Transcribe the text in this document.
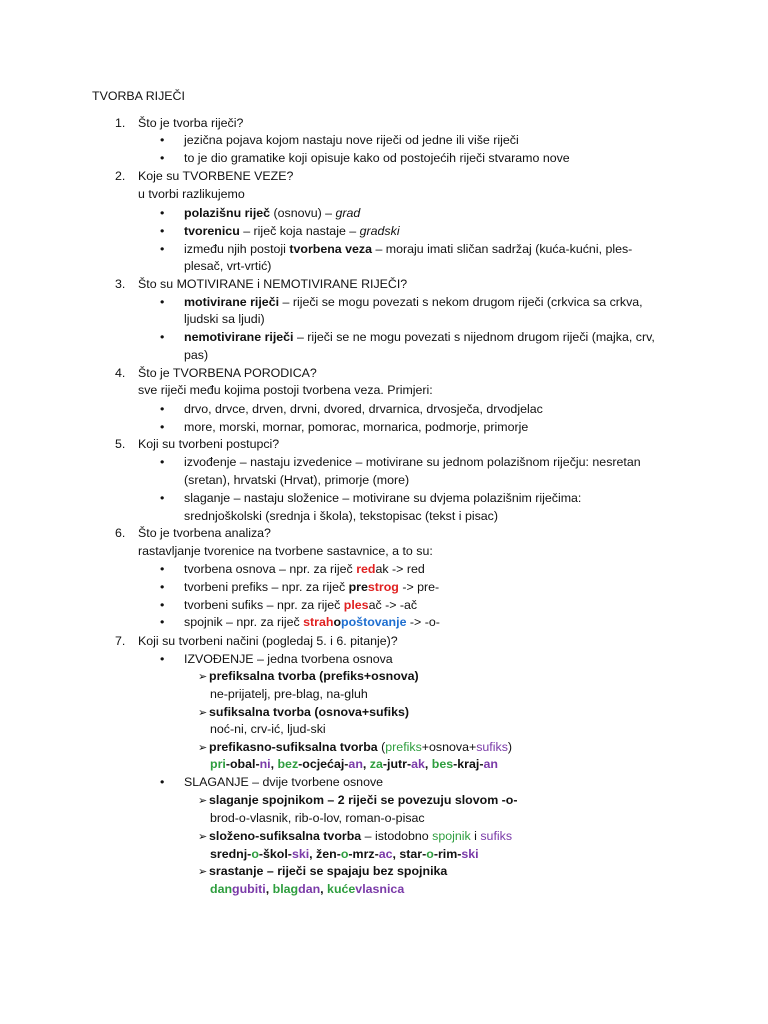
TVORBA RIJEČI
1. Što je tvorba riječi?
• jezična pojava kojom nastaju nove riječi od jedne ili više riječi
• to je dio gramatike koji opisuje kako od postojećih riječi stvaramo nove
2. Koje su TVORBENE VEZE?
u tvorbi razlikujemo
• polazišnu riječ (osnovu) – grad
• tvorenicu – riječ koja nastaje – gradski
• između njih postoji tvorbena veza – moraju imati sličan sadržaj (kuća-kućni, ples-
plesač, vrt-vrtić)
3. Što su MOTIVIRANE i NEMOTIVIRANE RIJEČI?
• motivirane riječi – riječi se mogu povezati s nekom drugom riječi (crkvica sa crkva,
ljudski sa ljudi)
• nemotivirane riječi – riječi se ne mogu povezati s nijednom drugom riječi (majka, crv,
pas)
4. Što je TVORBENA PORODICA?
sve riječi među kojima postoji tvorbena veza. Primjeri:
• drvo, drvce, drven, drvni, dvored, drvarnica, drvosječa, drvodjelac
• more, morski, mornar, pomorac, mornarica, podmorje, primorje
5. Koji su tvorbeni postupci?
• izvođenje – nastaju izvedenice – motivirane su jednom polazišnom riječju: nesretan
(sretan), hrvatski (Hrvat), primorje (more)
• slaganje – nastaju složenice – motivirane su dvjema polazišnim riječima:
srednjoškolski (srednja i škola), tekstopisac (tekst i pisac)
6. Što je tvorbena analiza?
rastavljanje tvorenice na tvorbene sastavnice, a to su:
• tvorbena osnova – npr. za riječ redak -> red
• tvorbeni prefiks – npr. za riječ prestrog -> pre-
• tvorbeni sufiks – npr. za riječ plesač -> -ač
• spojnik – npr. za riječ strahopoštovanje -> -o-
7. Koji su tvorbeni načini (pogledaj 5. i 6. pitanje)?
• IZVOĐENJE – jedna tvorbena osnova
➢ prefiksalna tvorba (prefiks+osnova)
ne-prijatelj, pre-blag, na-gluh
➢ sufiksalna tvorba (osnova+sufiks)
noć-ni, crv-ić, ljud-ski
➢ prefikasno-sufiksalna tvorba (prefiks+osnova+sufiks)
pri-obal-ni, bez-ocjećaj-an, za-jutr-ak, bes-kraj-an
• SLAGANJE – dvije tvorbene osnove
➢ slaganje spojnikom – 2 riječi se povezuju slovom -o-
brod-o-vlasnik, rib-o-lov, roman-o-pisac
➢ složeno-sufiksalna tvorba – istodobno spojnik i sufiks
srednj-o-škol-ski, žen-o-mrz-ac, star-o-rim-ski
➢ srastanje – riječi se spajaju bez spojnika
dangubiti, blagdan, kućevlasnica
